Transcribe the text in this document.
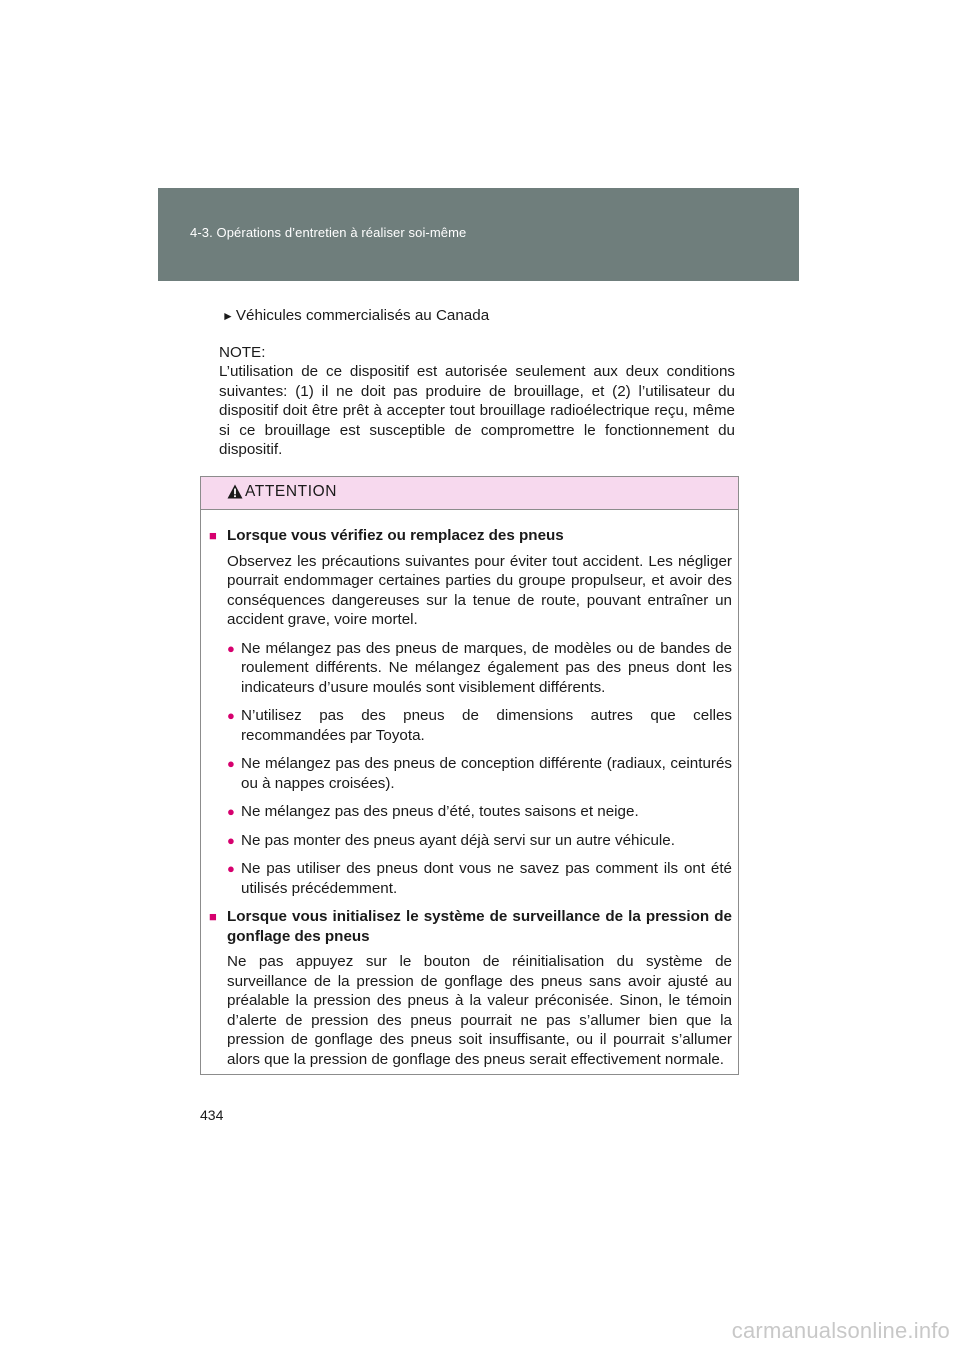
4-3. Opérations d’entretien à réaliser soi-même
► Véhicules commercialisés au Canada
NOTE:
L’utilisation de ce dispositif est autorisée seulement aux deux conditions suivantes: (1) il ne doit pas produire de brouillage, et (2) l’utilisateur du dispositif doit être prêt à accepter tout brouillage radioélectrique reçu, même si ce brouillage est susceptible de compromettre le fonctionnement du dispositif.
ATTENTION
■ Lorsque vous vérifiez ou remplacez des pneus
Observez les précautions suivantes pour éviter tout accident. Les négliger pourrait endommager certaines parties du groupe propulseur, et avoir des conséquences dangereuses sur la tenue de route, pouvant entraîner un accident grave, voire mortel.
● Ne mélangez pas des pneus de marques, de modèles ou de bandes de roulement différents. Ne mélangez également pas des pneus dont les indicateurs d’usure moulés sont visiblement différents.
● N’utilisez pas des pneus de dimensions autres que celles recommandées par Toyota.
● Ne mélangez pas des pneus de conception différente (radiaux, ceinturés ou à nappes croisées).
● Ne mélangez pas des pneus d’été, toutes saisons et neige.
● Ne pas monter des pneus ayant déjà servi sur un autre véhicule.
● Ne pas utiliser des pneus dont vous ne savez pas comment ils ont été utilisés précédemment.
■ Lorsque vous initialisez le système de surveillance de la pression de gonflage des pneus
Ne pas appuyez sur le bouton de réinitialisation du système de surveillance de la pression de gonflage des pneus sans avoir ajusté au préalable la pression des pneus à la valeur préconisée. Sinon, le témoin d’alerte de pression des pneus pourrait ne pas s’allumer bien que la pression de gonflage des pneus soit insuffisante, ou il pourrait s’allumer alors que la pression de gonflage des pneus serait effectivement normale.
434
carmanualsonline.info
